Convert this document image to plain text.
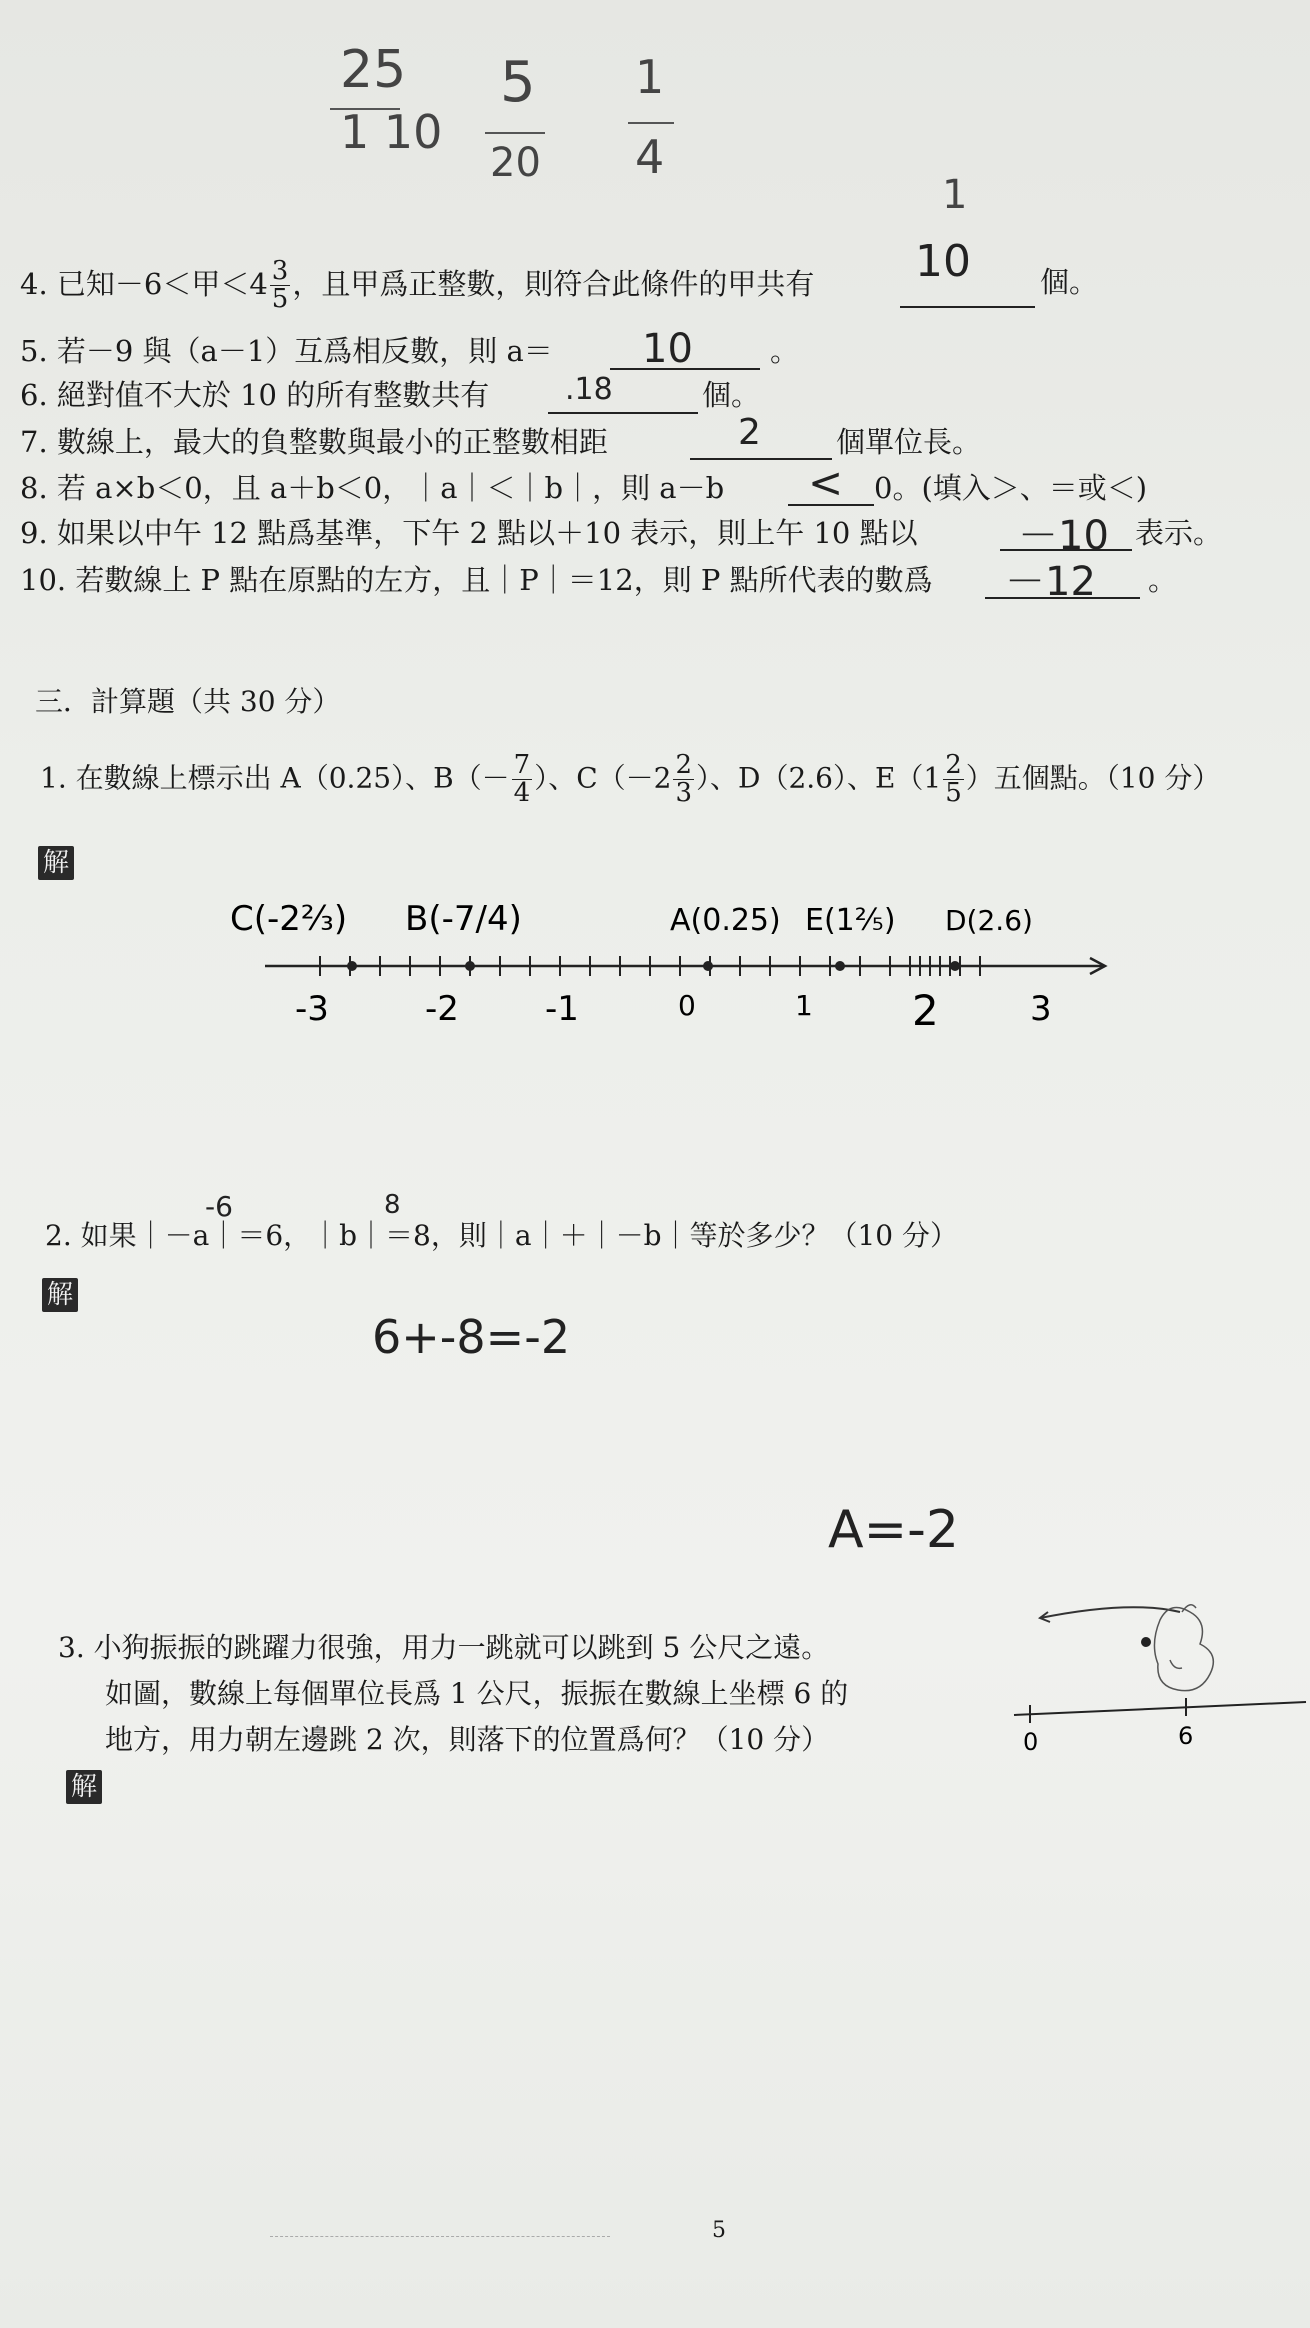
25
1 10
5
20
1
4
4. 已知－6＜甲$<4 \frac{3}{5}$ ，且甲爲正整數，則符合此條件的甲共有 10
1
個。
5. 若－9 與（a－1）互爲相反數，則 a＝ 10	。
6. 絕對值不大於 10 的所有整數共有	.18	個。
7. 數線上，最大的負整數與最小的正整數相距	2	個單位長。
8. 若 a×b＜0，且 a＋b＜0，｜a｜＜｜b｜，則 a－b < 0。(填入＞、＝或＜)
9. 如果以中午 12 點爲基準，下午 2 點以＋10 表示，則上午 10 點以	－10 表示。
10. 若數線上 P 點在原點的左方，且｜P｜＝12，則 P 點所代表的數爲 －12 。
三．計算題（共 30 分）
1. 在數線上標示出 A（0.25）、$B(- \frac{7}{4}$ ）、$C(-2 \frac{2}{3}$ ）、D（2.6）、$E(1 \frac{2}{5}$ ）五個點。（10 分）
解
C(-2⅔) B(-7/4)	A(0.25) E(1⅖) D(2.6)
-3	-2	-1	0	1 2	3
2. 如果｜－a｜＝6，｜b｜＝8，則｜a｜＋｜－b｜等於多少？（10 分）
-6	8
解
6+-8=-2
A=-2
3. 小狗振振的跳躍力很強，用力一跳就可以跳到 5 公尺之遠。
如圖，數線上每個單位長爲 1 公尺，振振在數線上坐標 6 的
地方，用力朝左邊跳 2 次，則落下的位置爲何？（10 分）
解
0	6
5
